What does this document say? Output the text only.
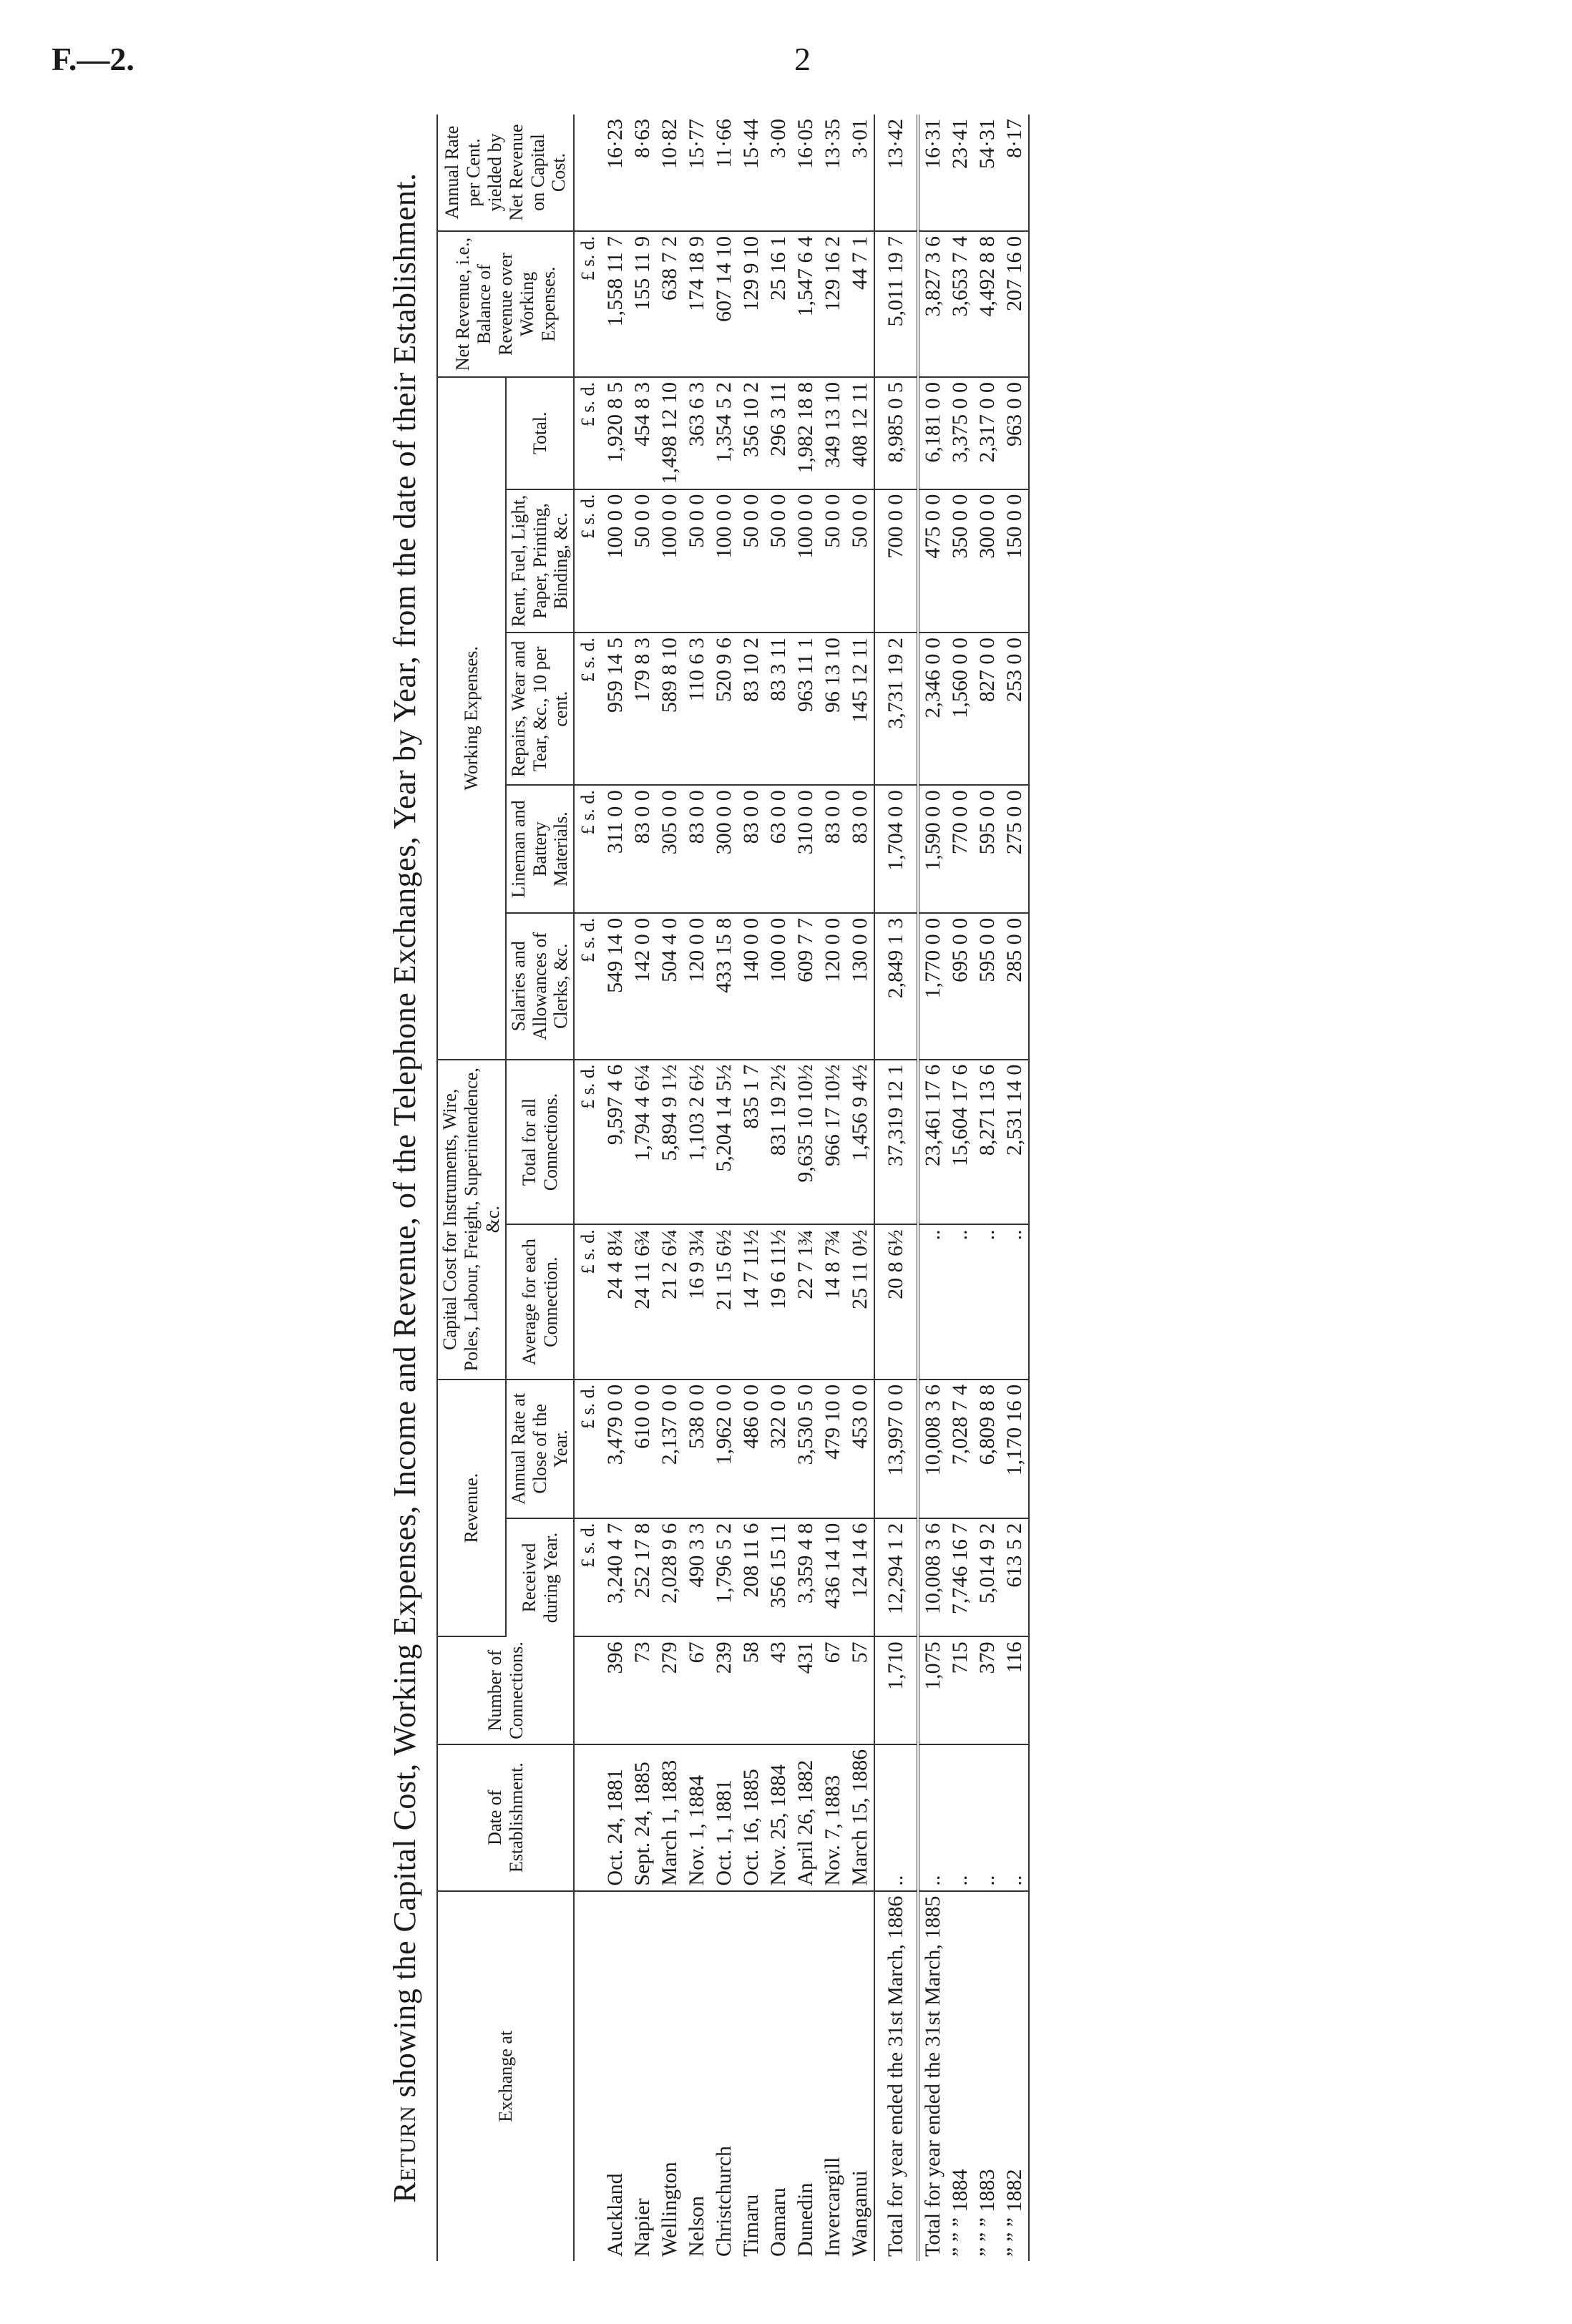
F.—2.	2
Return showing the Capital Cost, Working Expenses, Income and Revenue, of the Telephone Exchanges, Year by Year, from the date of their Establishment.	Exchange at	Date of Establishment.	Number of Connections.	Revenue.		Capital Cost for Instruments, Wire, Poles, Labour, Freight, Superintendence, &c.		Working Expenses.					Net Revenue, i.e., Balance of Revenue over Working Expenses.	Annual Rate per Cent. yielded by Net Revenue on Capital Cost.
			Received during Year.	Annual Rate at Close of the Year.	Average for each Connection.	Total for all Connections.	Salaries and Allowances of Clerks, &c.	Lineman and Battery Materials.	Repairs, Wear and Tear, &c., 10 per cent.	Rent, Fuel, Light, Paper, Printing, Binding, &c.	Total.		
			£ s. d.	£ s. d.	£ s. d.	£ s. d.	£ s. d.	£ s. d.	£ s. d.	£ s. d.	£ s. d.	£ s. d.	
Auckland	Oct. 24, 1881	396	3,240 4 7	3,479 0 0	24 4 8¼	9,597 4 6	549 14 0	311 0 0	959 14 5	100 0 0	1,920 8 5	1,558 11 7	16·23
Napier	Sept. 24, 1885	73	252 17 8	610 0 0	24 11 6¾	1,794 4 6¼	142 0 0	83 0 0	179 8 3	50 0 0	454 8 3	155 11 9	8·63
Wellington	March 1, 1883	279	2,028 9 6	2,137 0 0	21 2 6¼	5,894 9 1½	504 4 0	305 0 0	589 8 10	100 0 0	1,498 12 10	638 7 2	10·82
Nelson	Nov. 1, 1884	67	490 3 3	538 0 0	16 9 3¼	1,103 2 6½	120 0 0	83 0 0	110 6 3	50 0 0	363 6 3	174 18 9	15·77
Christchurch	Oct. 1, 1881	239	1,796 5 2	1,962 0 0	21 15 6½	5,204 14 5½	433 15 8	300 0 0	520 9 6	100 0 0	1,354 5 2	607 14 10	11·66
Timaru	Oct. 16, 1885	58	208 11 6	486 0 0	14 7 11½	835 1 7	140 0 0	83 0 0	83 10 2	50 0 0	356 10 2	129 9 10	15·44
Oamaru	Nov. 25, 1884	43	356 15 11	322 0 0	19 6 11½	831 19 2½	100 0 0	63 0 0	83 3 11	50 0 0	296 3 11	25 16 1	3·00
Dunedin	April 26, 1882	431	3,359 4 8	3,530 5 0	22 7 1¾	9,635 10 10½	609 7 7	310 0 0	963 11 1	100 0 0	1,982 18 8	1,547 6 4	16·05
Invercargill	Nov. 7, 1883	67	436 14 10	479 10 0	14 8 7¾	966 17 10½	120 0 0	83 0 0	96 13 10	50 0 0	349 13 10	129 16 2	13·35
Wanganui	March 15, 1886	57	124 14 6	453 0 0	25 11 0½	1,456 9 4½	130 0 0	83 0 0	145 12 11	50 0 0	408 12 11	44 7 1	3·01
Total for year ended the 31st March, 1886	..	1,710	12,294 1 2	13,997 0 0	20 8 6½	37,319 12 1	2,849 1 3	1,704 0 0	3,731 19 2	700 0 0	8,985 0 5	5,011 19 7	13·42
Total for year ended the 31st March, 1885	..	1,075	10,008 3 6	10,008 3 6	..	23,461 17 6	1,770 0 0	1,590 0 0	2,346 0 0	475 0 0	6,181 0 0	3,827 3 6	16·31
” ” ” 1884	..	715	7,746 16 7	7,028 7 4	..	15,604 17 6	695 0 0	770 0 0	1,560 0 0	350 0 0	3,375 0 0	3,653 7 4	23·41
” ” ” 1883	..	379	5,014 9 2	6,809 8 8	..	8,271 13 6	595 0 0	595 0 0	827 0 0	300 0 0	2,317 0 0	4,492 8 8	54·31
” ” ” 1882	..	116	613 5 2	1,170 16 0	..	2,531 14 0	285 0 0	275 0 0	253 0 0	150 0 0	963 0 0	207 16 0	8·17
